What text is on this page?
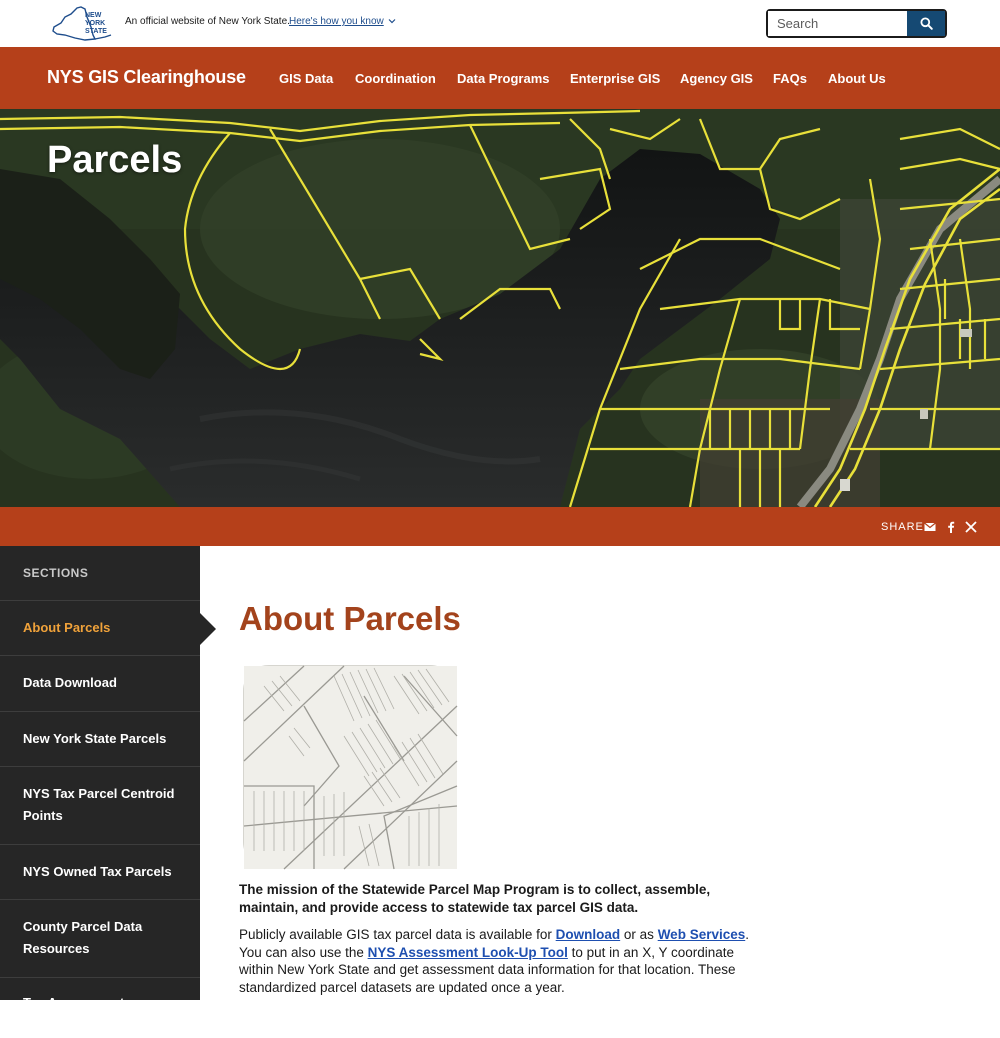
NEW
YORK
STATE
An official website of New York State. Here's how you know
Search
NYS GIS Clearinghouse	GIS Data Coordination Data Programs Enterprise GIS Agency GIS FAQs About Us
Parcels
SHARE
SECTIONS
About Parcels
Data Download
New York State Parcels
NYS Tax Parcel Centroid Points
NYS Owned Tax Parcels
County Parcel Data Resources
Tax Assessment
About Parcels

The mission of the Statewide Parcel Map Program is to collect, assemble, maintain, and provide access to statewide tax parcel GIS data.

Publicly available GIS tax parcel data is available for Download or as Web Services. You can also use the NYS Assessment Look-Up Tool to put in an X, Y coordinate within New York State and get assessment data information for that location. These standardized parcel datasets are updated once a year.
